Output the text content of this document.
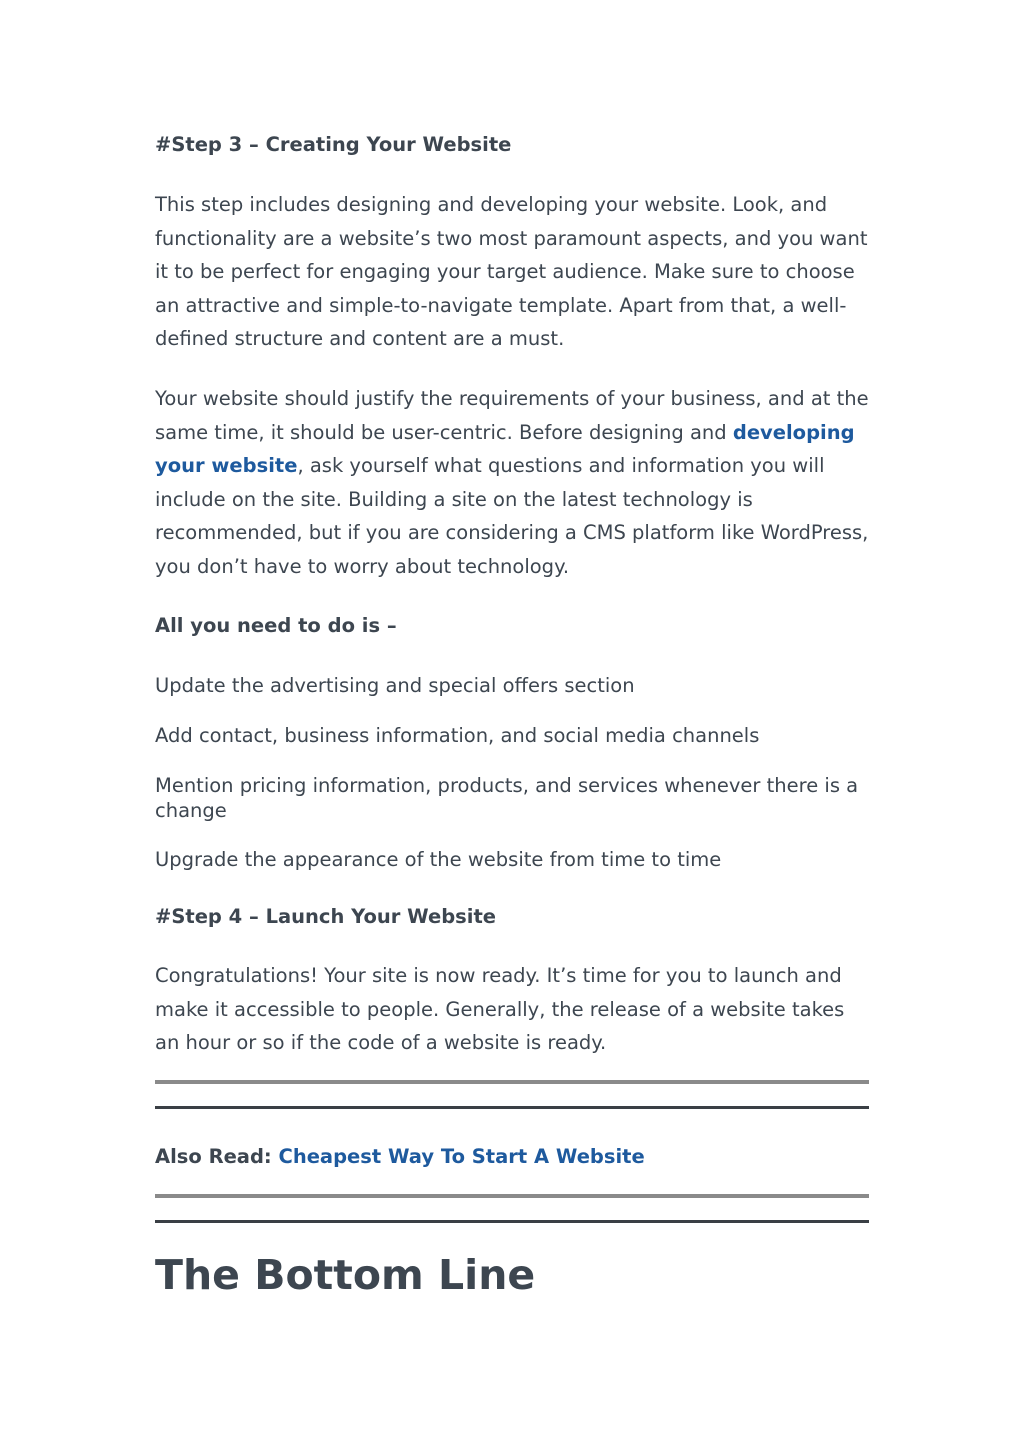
#Step 3 – Creating Your Website
This step includes designing and developing your website. Look, and functionality are a website’s two most paramount aspects, and you want it to be perfect for engaging your target audience. Make sure to choose an attractive and simple-to-navigate template. Apart from that, a well-defined structure and content are a must.
Your website should justify the requirements of your business, and at the same time, it should be user-centric. Before designing and developing your website, ask yourself what questions and information you will include on the site. Building a site on the latest technology is recommended, but if you are considering a CMS platform like WordPress, you don’t have to worry about technology.
All you need to do is –
Update the advertising and special offers section
Add contact, business information, and social media channels
Mention pricing information, products, and services whenever there is a change
Upgrade the appearance of the website from time to time
#Step 4 – Launch Your Website
Congratulations! Your site is now ready. It’s time for you to launch and make it accessible to people. Generally, the release of a website takes an hour or so if the code of a website is ready.
Also Read: Cheapest Way To Start A Website
The Bottom Line
